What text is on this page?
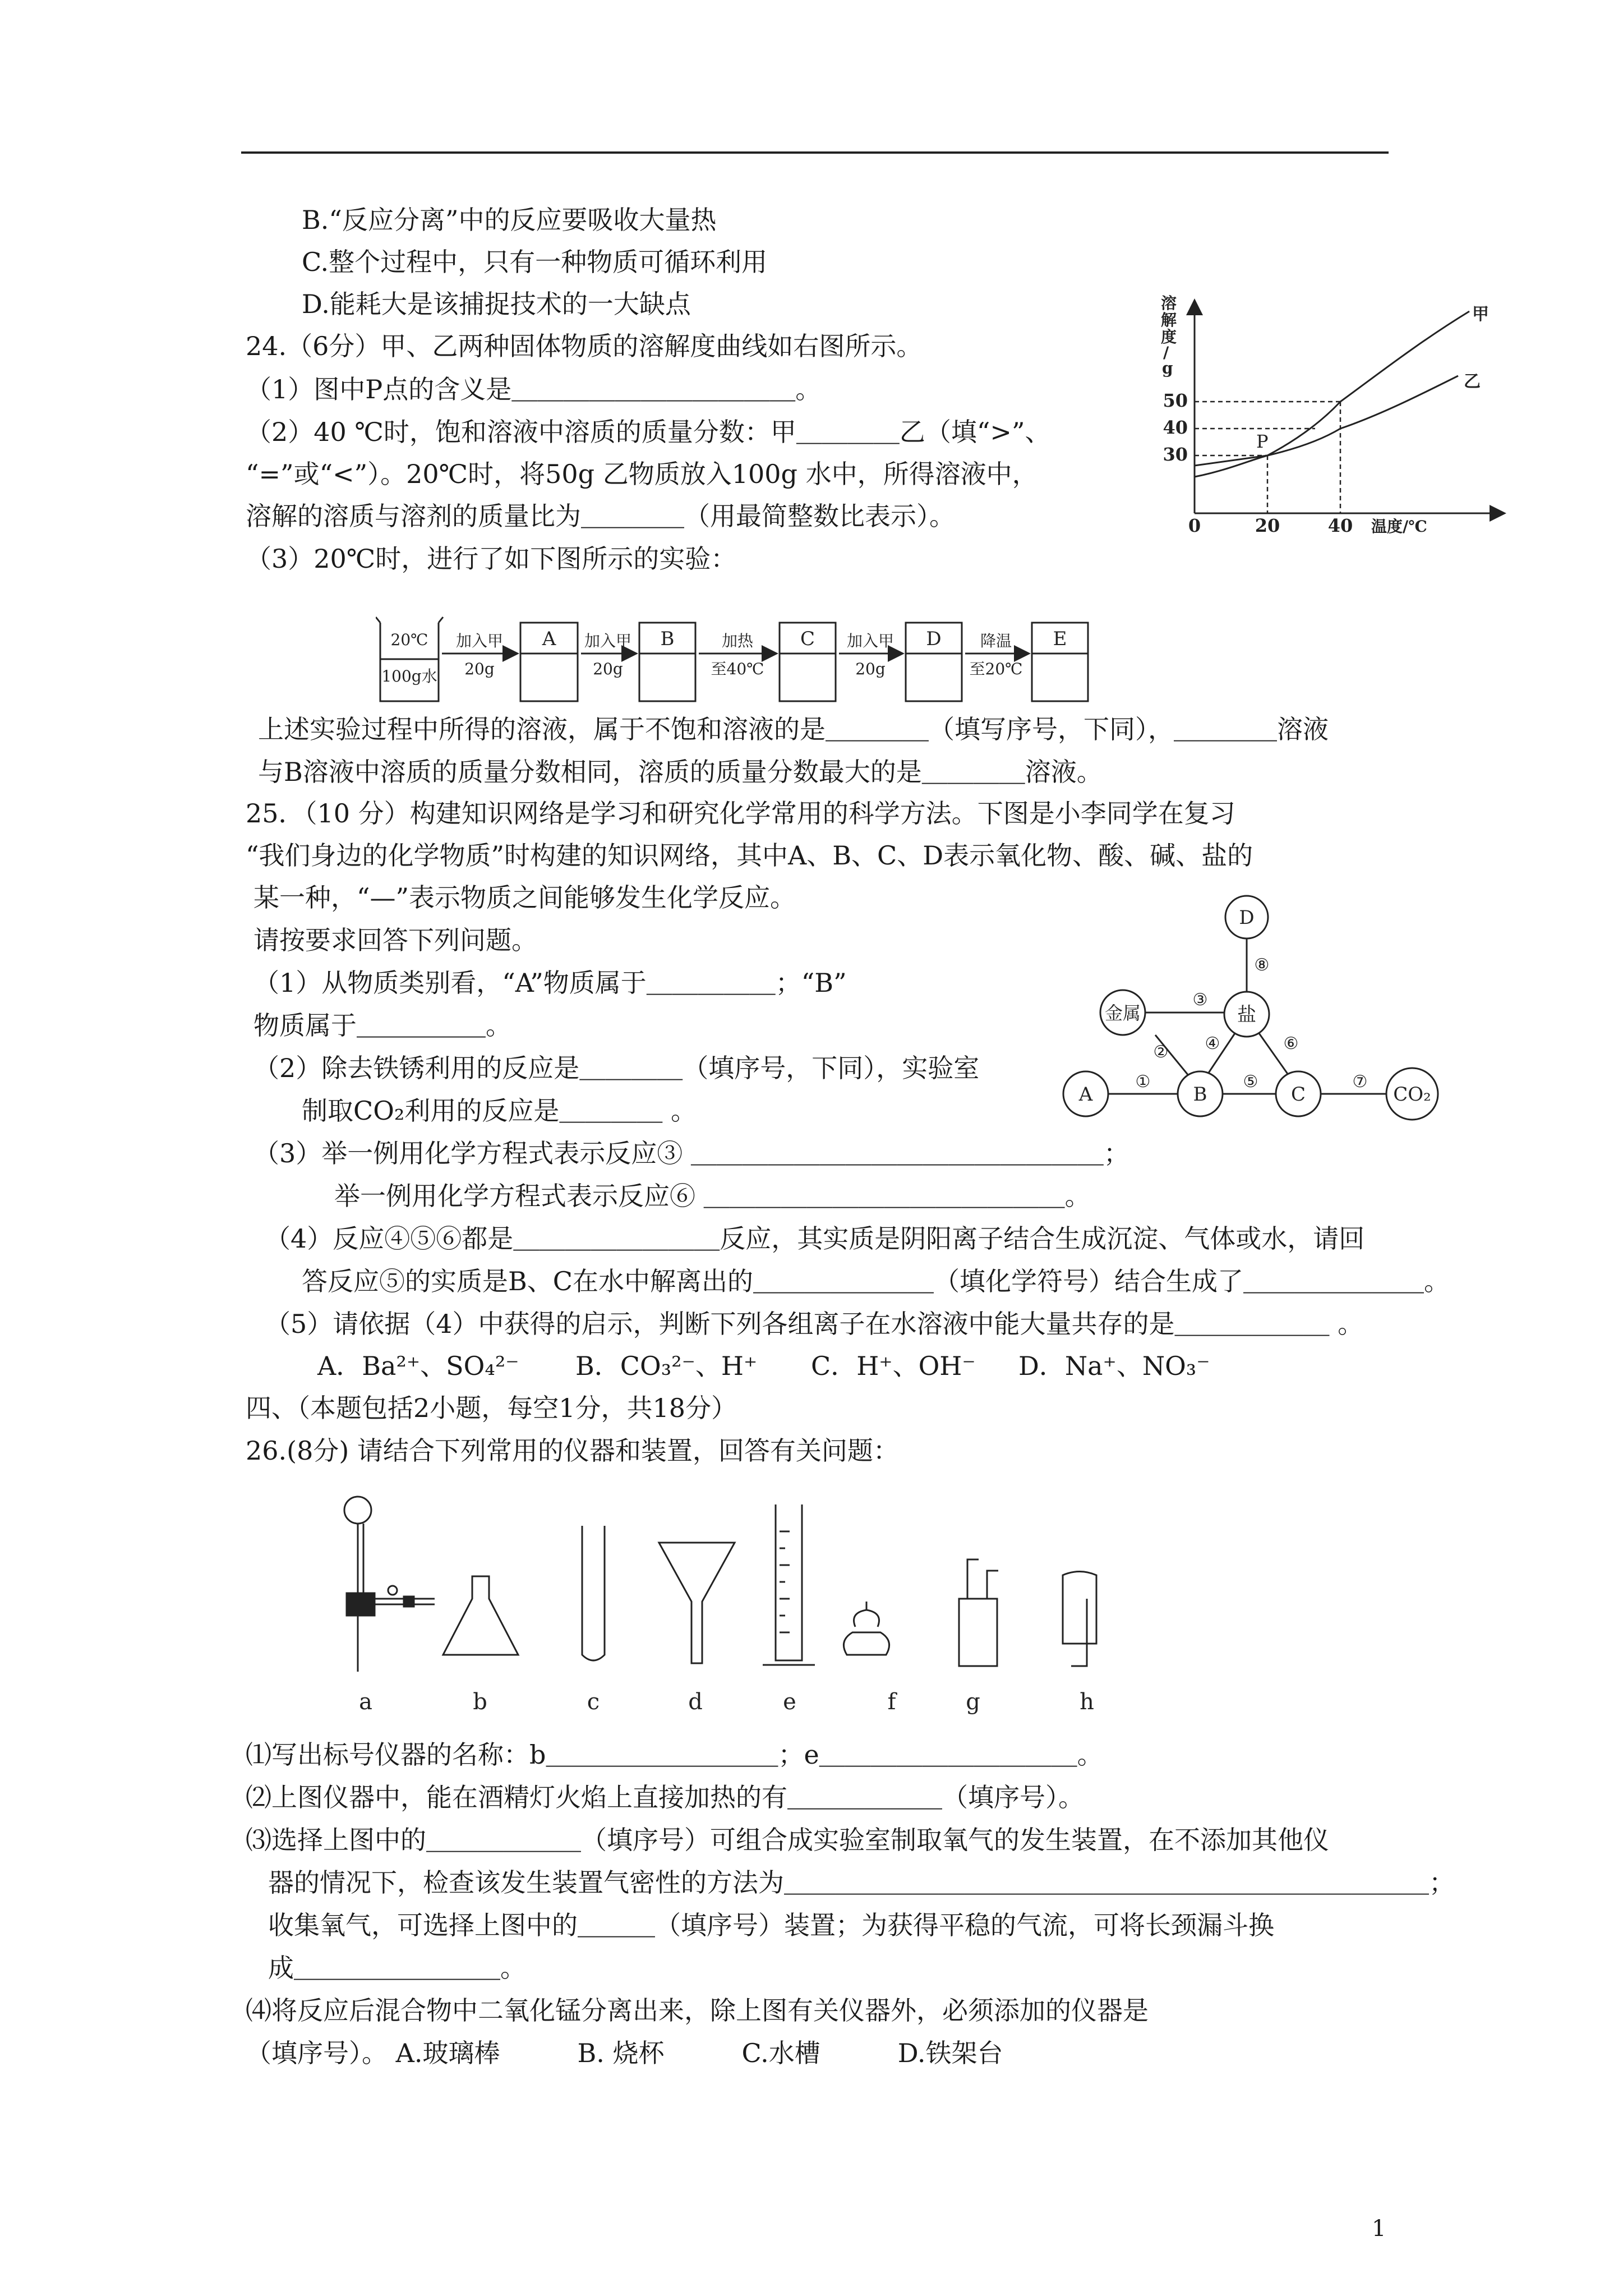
B.“反应分离”中的反应要吸收大量热
C.整个过程中，只有一种物质可循环利用
D.能耗大是该捕捉技术的一大缺点
24.（6分）甲、乙两种固体物质的溶解度曲线如右图所示。
（1）图中P点的含义是＿＿＿＿＿＿＿＿＿＿＿。
（2）40 ℃时，饱和溶液中溶质的质量分数：甲＿＿＿＿乙（填“>”、
“=”或“<”）。20℃时，将50g 乙物质放入100g 水中，所得溶液中，
溶解的溶质与溶剂的质量比为＿＿＿＿（用最简整数比表示）。
（3）20℃时，进行了如下图所示的实验：
上述实验过程中所得的溶液，属于不饱和溶液的是＿＿＿＿（填写序号，下同），＿＿＿＿溶液
与B溶液中溶质的质量分数相同，溶质的质量分数最大的是＿＿＿＿溶液。
25．（10 分）构建知识网络是学习和研究化学常用的科学方法。下图是小李同学在复习
“我们身边的化学物质”时构建的知识网络，其中A、B、C、D表示氧化物、酸、碱、盐的
某一种，“—”表示物质之间能够发生化学反应。
请按要求回答下列问题。
（1）从物质类别看，“A”物质属于＿＿＿＿＿；“B”
物质属于＿＿＿＿＿。
（2）除去铁锈利用的反应是＿＿＿＿（填序号，下同），实验室
制取CO₂利用的反应是＿＿＿＿ 。
（3）举一例用化学方程式表示反应③ ＿＿＿＿＿＿＿＿＿＿＿＿＿＿＿＿；
举一例用化学方程式表示反应⑥ ＿＿＿＿＿＿＿＿＿＿＿＿＿＿。
（4）反应④⑤⑥都是＿＿＿＿＿＿＿＿反应，其实质是阴阳离子结合生成沉淀、气体或水，请回
答反应⑤的实质是B、C在水中解离出的＿＿＿＿＿＿＿（填化学符号）结合生成了＿＿＿＿＿＿＿。
（5）请依据（4）中获得的启示，判断下列各组离子在水溶液中能大量共存的是＿＿＿＿＿＿ 。
A．Ba²⁺、SO₄²⁻ B．CO₃²⁻、H⁺ C．H⁺、OH⁻ D．Na⁺、NO₃⁻
四、（本题包括2小题，每空1分，共18分）
26.(8分) 请结合下列常用的仪器和装置，回答有关问题：
⑴写出标号仪器的名称：b＿＿＿＿＿＿＿＿＿；e＿＿＿＿＿＿＿＿＿＿。
⑵上图仪器中，能在酒精灯火焰上直接加热的有＿＿＿＿＿＿（填序号）。
⑶选择上图中的＿＿＿＿＿＿（填序号）可组合成实验室制取氧气的发生装置，在不添加其他仪
器的情况下，检查该发生装置气密性的方法为＿＿＿＿＿＿＿＿＿＿＿＿＿＿＿＿＿＿＿＿＿＿＿＿＿；
收集氧气，可选择上图中的＿＿＿（填序号）装置；为获得平稳的气流，可将长颈漏斗换
成＿＿＿＿＿＿＿＿。
⑷将反应后混合物中二氧化锰分离出来，除上图有关仪器外，必须添加的仪器是
（填序号）。 A.玻璃棒　　　B. 烧杯　　　C.水槽　　　D.铁架台
1
溶
解
度
/
g
30
40
50
0	20	40 温度/℃
甲
乙
P
20℃
100g水
A	B	C	D	E
加入甲
20g
加入甲
20g
加热
至40℃
加入甲
20g
降温
至20℃
D
金属	盐
A	B	C	CO₂
①
②
③
④
⑤
⑥
⑦
⑧
a	b	c	d	e	f	g	h
